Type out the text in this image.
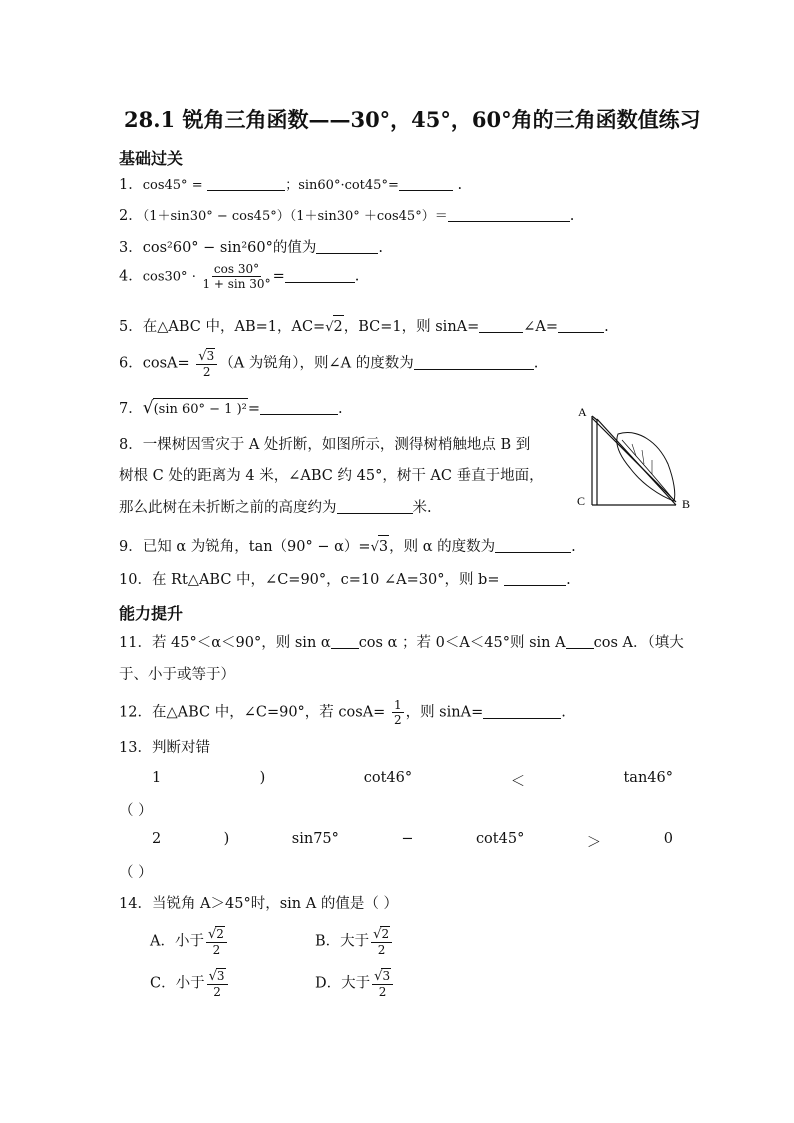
28.1 锐角三角函数——30°，45°，60°角的三角函数值练习
基础过关
1．cos45° =	；sin60°·cot45°=	.
2．（1＋sin30° − cos45°）（1＋sin30° ＋cos45°）＝	.
3．cos²60° − sin²60°的值为	.
4．$\cos 30^\circ \cdot \frac{\cos 30^\circ}{1 + \sin 30^\circ}$ =	.
5．在△ABC 中，AB=1，AC=√2，BC=1，则 sinA=	∠A=	.
6．$\cos A= \frac{√3}{2} (A$ 为锐角），则∠A 的度数为	.
7．√(sin 60° − 1 )²=	.
8．一棵树因雪灾于 A 处折断，如图所示，测得树梢触地点 B 到
树根 C 处的距离为 4 米，∠ABC 约 45°，树干 AC 垂直于地面，
那么此树在未折断之前的高度约为	米.
A
C	B
9．已知 α 为锐角，tan（90° − α）=√3，则 α 的度数为	.
10．在 Rt△ABC 中，∠C=90°，c=10 ∠A=30°，则 b=	.
能力提升
11．若 45°＜α＜90°，则 sin α cos α ；若 0＜A＜45°则 sin A cos A．（填大
于、小于或等于）
12．在△ABC 中，∠C=90°，若 $\cos A= \frac{1}{2}$ ，则 sinA=	.
13．判断对错
1	)	cot46°	＜	tan46°
（ ）
2	)	sin75°	−	cot45°	＞	0
（ ）
14．当锐角 A＞45°时，sin A 的值是（ ）
A．小于 $\frac{√2}{2}$	B．大于 $\frac{√2}{2}$
C．小于 $\frac{√3}{2}$	D．大于 $\frac{√3}{2}$
